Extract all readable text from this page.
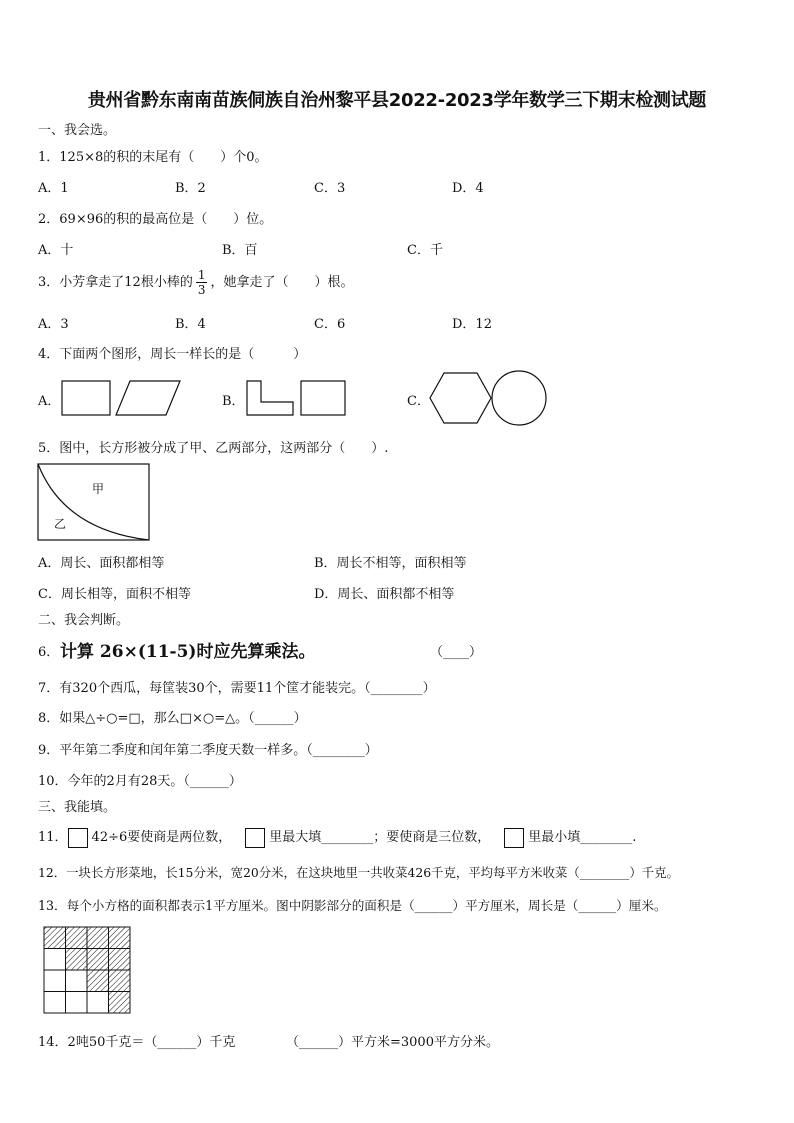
贵州省黔东南南苗族侗族自治州黎平县2022-2023学年数学三下期末检测试题
一、我会选。
1．125×8的积的末尾有（　　）个0。
A．1	B．2	C．3	D．4
2．69×96的积的最高位是（　　）位。
A．十	B．百	C．千
3．小芳拿走了12根小棒的 $\frac{1}{3}$ ，她拿走了（　　）根。
A．3	B．4	C．6	D．12
4．下面两个图形，周长一样长的是（　　　）
A．	B．	C．
甲
乙
5．图中，长方形被分成了甲、乙两部分，这两部分（　　）.
A．周长、面积都相等	B．周长不相等，面积相等
C．周长相等，面积不相等	D．周长、面积都不相等
二、我会判断。
6． 计算 26×(11-5)时应先算乘法。	（____）
7．有320个西瓜，每筐装30个，需要11个筐才能装完。（________）
8．如果△÷○=□，那么□×○=△。（______）
9．平年第二季度和闰年第二季度天数一样多。（________）
10．今年的2月有28天。（______）
三、我能填。
11． 42÷6要使商是两位数，	里最大填________；要使商是三位数，	里最小填________.
12．一块长方形菜地，长15分米，宽20分米，在这块地里一共收菜426千克，平均每平方米收菜（________）千克。
13．每个小方格的面积都表示1平方厘米。图中阴影部分的面积是（______）平方厘米，周长是（______）厘米。
14．2吨50千克＝（______）千克	（______）平方米=3000平方分米。
